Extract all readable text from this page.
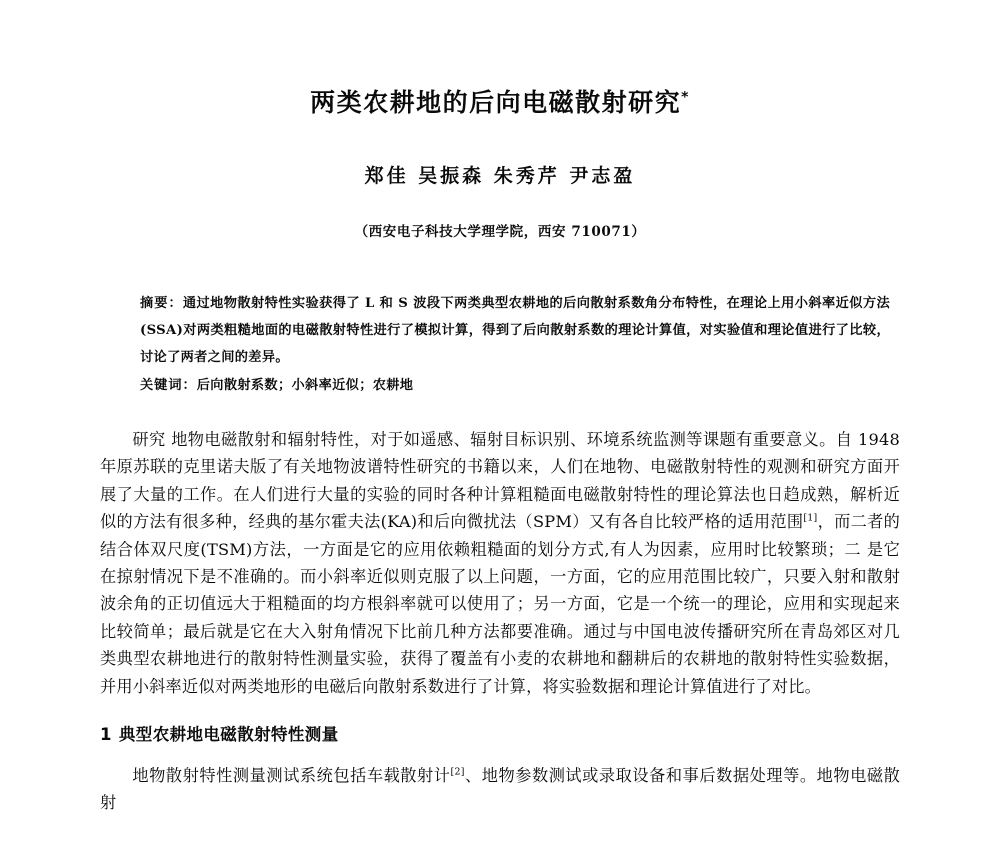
两类农耕地的后向电磁散射研究*
郑佳 吴振森 朱秀芹 尹志盈
（西安电子科技大学理学院，西安 710071）
摘要：通过地物散射特性实验获得了 L 和 S 波段下两类典型农耕地的后向散射系数角分布特性，在理论上用小斜率近似方法(SSA)对两类粗糙地面的电磁散射特性进行了模拟计算，得到了后向散射系数的理论计算值，对实验值和理论值进行了比较，讨论了两者之间的差异。
关键词：后向散射系数；小斜率近似；农耕地

研究 地物电磁散射和辐射特性，对于如遥感、辐射目标识别、环境系统监测等课题有重要意义。自 1948 年原苏联的克里诺夫版了有关地物波谱特性研究的书籍以来，人们在地物、电磁散射特性的观测和研究方面开展了大量的工作。在人们进行大量的实验的同时各种计算粗糙面电磁散射特性的理论算法也日趋成熟，解析近似的方法有很多种，经典的基尔霍夫法(KA)和后向微扰法（SPM）又有各自比较严格的适用范围[1]，而二者的结合体双尺度(TSM)方法，一方面是它的应用依赖粗糙面的划分方式,有人为因素，应用时比较繁琐；二 是它在掠射情况下是不准确的。而小斜率近似则克服了以上问题，一方面，它的应用范围比较广，只要入射和散射波余角的正切值远大于粗糙面的均方根斜率就可以使用了；另一方面，它是一个统一的理论，应用和实现起来比较简单；最后就是它在大入射角情况下比前几种方法都要准确。通过与中国电波传播研究所在青岛郊区对几类典型农耕地进行的散射特性测量实验，获得了覆盖有小麦的农耕地和翻耕后的农耕地的散射特性实验数据，并用小斜率近似对两类地形的电磁后向散射系数进行了计算，将实验数据和理论计算值进行了对比。

1 典型农耕地电磁散射特性测量

地物散射特性测量测试系统包括车载散射计[2]、地物参数测试或录取设备和事后数据处理等。地物电磁散射
